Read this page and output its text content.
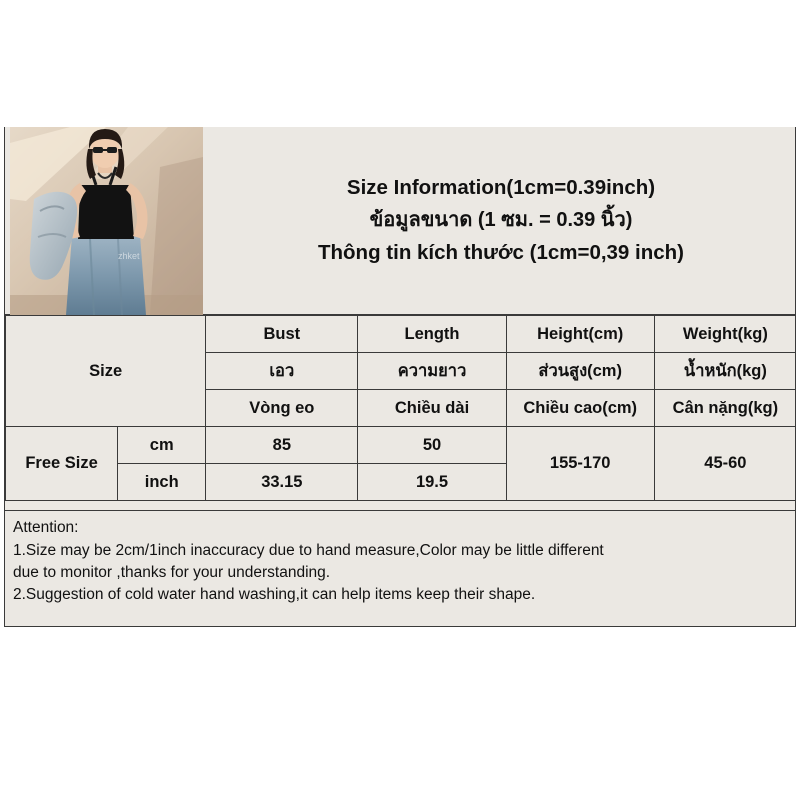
zhket
Size Information(1cm=0.39inch)
ข้อมูลขนาด (1 ซม. = 0.39 นิ้ว)
Thông tin kích thước (1cm=0,39 inch)
Size		Bust	Length	Height(cm)	Weight(kg)
		เอว	ความยาว	ส่วนสูง(cm)	น้ำหนัก(kg)
		Vòng eo	Chiều dài	Chiều cao(cm)	Cân nặng(kg)
Free Size	cm	85	50	155-170	45-60
	inch	33.15	19.5		

Attention:

1.Size may be 2cm/1inch inaccuracy due to hand measure,Color may be little different

due to monitor ,thanks for your understanding.

2.Suggestion of cold water hand washing,it can help items keep their shape.
